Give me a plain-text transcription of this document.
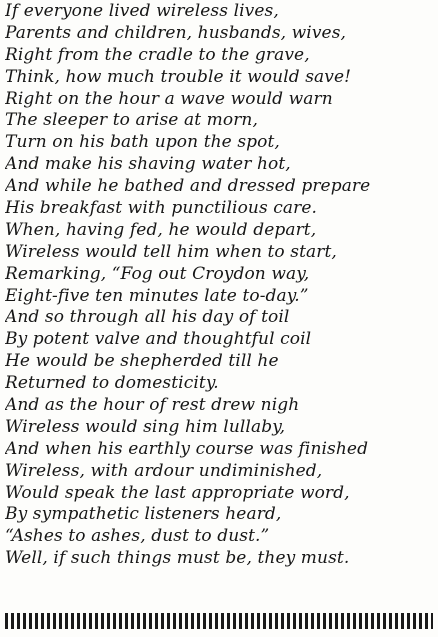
If everyone lived wireless lives,
Parents and children, husbands, wives,
Right from the cradle to the grave,
Think, how much trouble it would save!
Right on the hour a wave would warn
The sleeper to arise at morn,
Turn on his bath upon the spot,
And make his shaving water hot,
And while he bathed and dressed prepare
His breakfast with punctilious care.
When, having fed, he would depart,
Wireless would tell him when to start,
Remarking, “Fog out Croydon way,
Eight-five ten minutes late to-day.”
And so through all his day of toil
By potent valve and thoughtful coil
He would be shepherded till he
Returned to domesticity.
And as the hour of rest drew nigh
Wireless would sing him lullaby,
And when his earthly course was finished
Wireless, with ardour undiminished,
Would speak the last appropriate word,
By sympathetic listeners heard,
“Ashes to ashes, dust to dust.”
Well, if such things must be, they must.
